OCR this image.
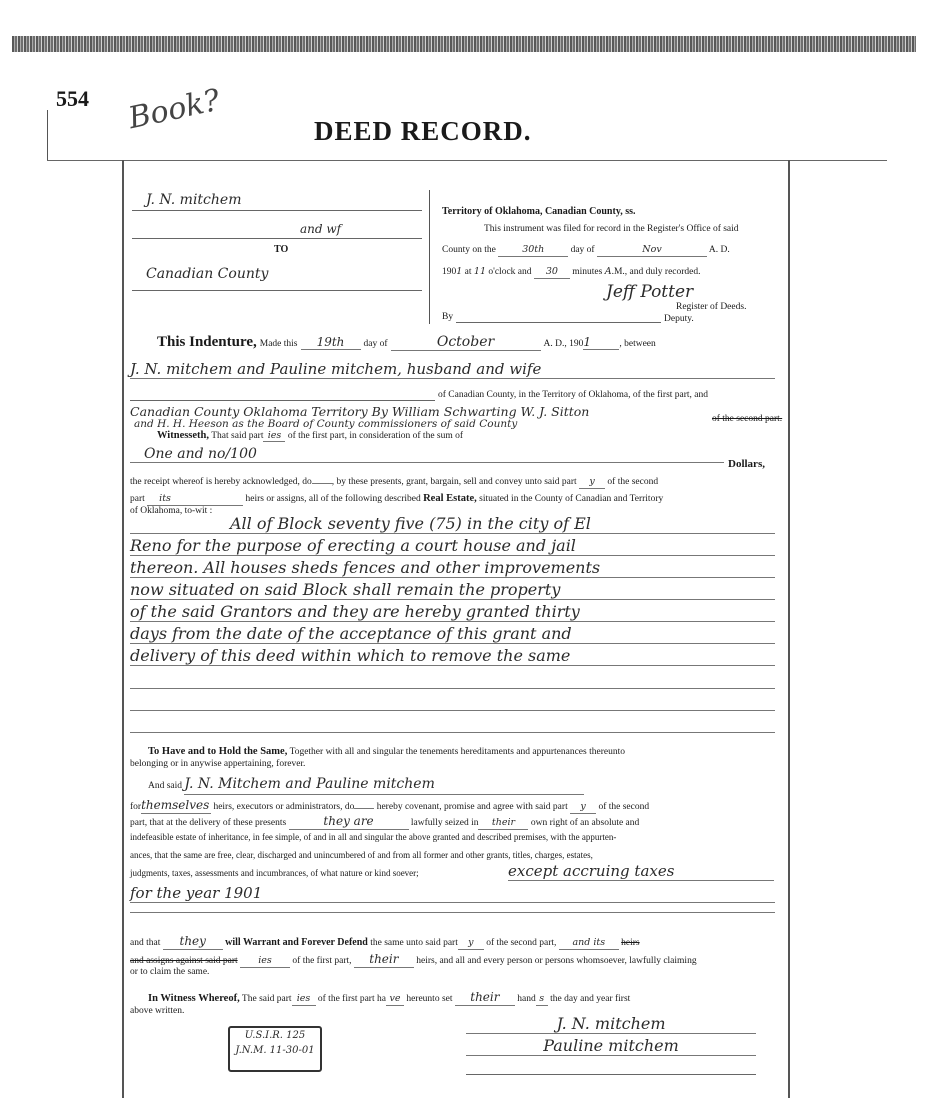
554 Book?	DEED RECORD.
J. N. mitchem
and wf
TO
Canadian County
Territory of Oklahoma, Canadian County, ss.
This instrument was filed for record in the Register's Office of said
County on the	30th	day of	Nov	A. D.
1901 at 11 o'clock and 30 minutes A.M., and duly recorded.
Jeff Potter
Register of Deeds.
By	Deputy.
This Indenture, Made this 19th day of	October	A. D., 1901	, between
J. N. mitchem and Pauline mitchem, husband and wife
of Canadian County, in the Territory of Oklahoma, of the first part, and
Canadian County Oklahoma Territory By William Schwarting W. J. Sitton	of the second part.
and H. H. Heeson as the Board of County commissioners of said County
Witnesseth, That said part ies of the first part, in consideration of the sum of
One and no/100
Dollars,
the receipt whereof is hereby acknowledged, do , by these presents, grant, bargain, sell and convey unto said part y of the second
part its	heirs or assigns, all of the following described Real Estate, situated in the County of Canadian and Territory
of Oklahoma, to-wit :
All of Block seventy five (75) in the city of El
Reno for the purpose of erecting a court house and jail
thereon. All houses sheds fences and other improvements
now situated on said Block shall remain the property
of the said Grantors and they are hereby granted thirty
days from the date of the acceptance of this grant and
delivery of this deed within which to remove the same
To Have and to Hold the Same, Together with all and singular the tenements hereditaments and appurtenances thereunto
belonging or in anywise appertaining, forever.
And said J. N. Mitchem and Pauline mitchem
forthemselves heirs, executors or administrators, do hereby covenant, promise and agree with said part y of the second
part, that at the delivery of these presents	they are	lawfully seized in their own right of an absolute and
indefeasible estate of inheritance, in fee simple, of and in all and singular the above granted and described premises, with the appurten-
ances, that the same are free, clear, discharged and unincumbered of and from all former and other grants, titles, charges, estates,
judgments, taxes, assessments and incumbrances, of what nature or kind soever;	except accruing taxes
for the year 1901
and that they will Warrant and Forever Defend the same unto said part y of the second part, and its heirs
and assigns against said part ies of the first part, their heirs, and all and every person or persons whomsoever, lawfully claiming
or to claim the same.
In Witness Whereof, The said part ies of the first part ha ve hereunto set their hand s the day and year first
above written.
U.S.I.R. 125
J.N.M. 11-30-01
J. N. mitchem
Pauline mitchem
